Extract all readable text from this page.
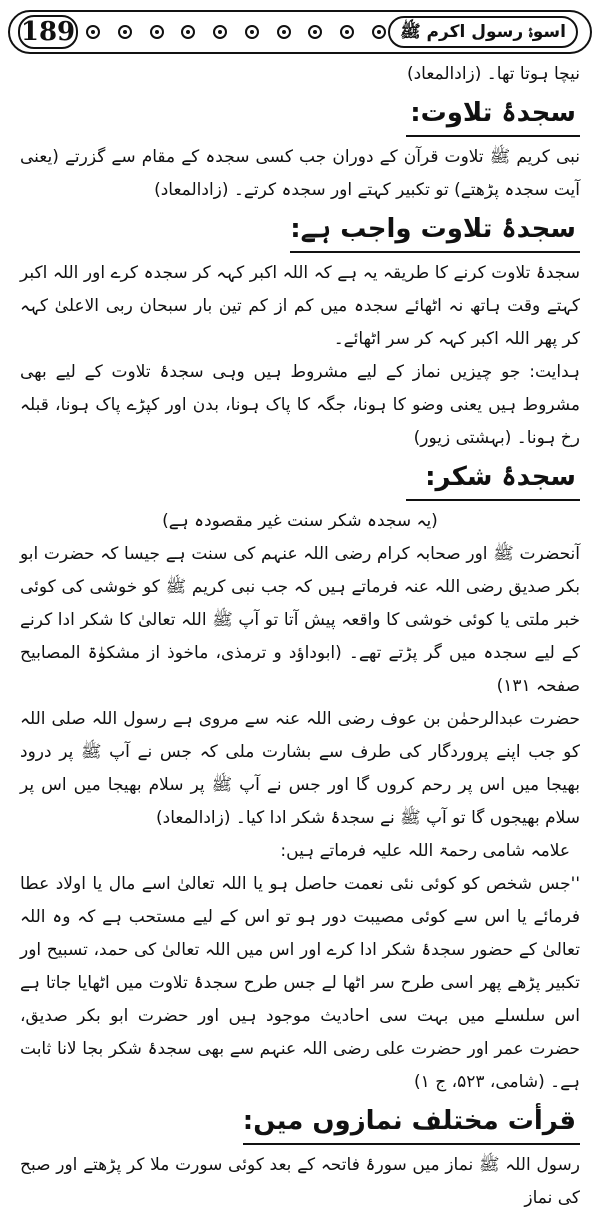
189	اسوۂ رسول اکرم ﷺ

نیچا ہوتا تھا۔ (زادالمعاد)

سجدۂ تلاوت:

نبی کریم ﷺ تلاوت قرآن کے دوران جب کسی سجدہ کے مقام سے گزرتے (یعنی آیت سجدہ پڑھتے) تو تکبیر کہتے اور سجدہ کرتے۔ (زادالمعاد)

سجدۂ تلاوت واجب ہے:

سجدۂ تلاوت کرنے کا طریقہ یہ ہے کہ اللہ اکبر کہہ کر سجدہ کرے اور اللہ اکبر کہتے وقت ہاتھ نہ اٹھائے سجدہ میں کم از کم تین بار سبحان ربی الاعلیٰ کہہ کر پھر اللہ اکبر کہہ کر سر اٹھائے۔

ہدایت: جو چیزیں نماز کے لیے مشروط ہیں وہی سجدۂ تلاوت کے لیے بھی مشروط ہیں یعنی وضو کا ہونا، جگہ کا پاک ہونا، بدن اور کپڑے پاک ہونا، قبلہ رخ ہونا۔ (بہشتی زیور)

سجدۂ شکر:

(یہ سجدہ شکر سنت غیر مقصودہ ہے)

آنحضرت ﷺ اور صحابہ کرام رضی اللہ عنہم کی سنت ہے جیسا کہ حضرت ابو بکر صدیق رضی اللہ عنہ فرماتے ہیں کہ جب نبی کریم ﷺ کو خوشی کی کوئی خبر ملتی یا کوئی خوشی کا واقعہ پیش آتا تو آپ ﷺ اللہ تعالیٰ کا شکر ادا کرنے کے لیے سجدہ میں گر پڑتے تھے۔ (ابوداؤد و ترمذی، ماخوذ از مشکوٰۃ المصابیح صفحہ ۱۳۱)

حضرت عبدالرحمٰن بن عوف رضی اللہ عنہ سے مروی ہے رسول اللہ صلی اللہ کو جب اپنے پروردگار کی طرف سے بشارت ملی کہ جس نے آپ ﷺ پر درود بھیجا میں اس پر رحم کروں گا اور جس نے آپ ﷺ پر سلام بھیجا میں اس پر سلام بھیجوں گا تو آپ ﷺ نے سجدۂ شکر ادا کیا۔ (زادالمعاد)

علامہ شامی رحمۃ اللہ علیہ فرماتے ہیں:

''جس شخص کو کوئی نئی نعمت حاصل ہو یا اللہ تعالیٰ اسے مال یا اولاد عطا فرمائے یا اس سے کوئی مصیبت دور ہو تو اس کے لیے مستحب ہے کہ وہ اللہ تعالیٰ کے حضور سجدۂ شکر ادا کرے اور اس میں اللہ تعالیٰ کی حمد، تسبیح اور تکبیر پڑھے پھر اسی طرح سر اٹھا لے جس طرح سجدۂ تلاوت میں اٹھایا جاتا ہے اس سلسلے میں بہت سی احادیث موجود ہیں اور حضرت ابو بکر صدیق، حضرت عمر اور حضرت علی رضی اللہ عنہم سے بھی سجدۂ شکر بجا لانا ثابت ہے۔ (شامی، ۵۲۳، ج ۱)

قرأت مختلف نمازوں میں:

رسول اللہ ﷺ نماز میں سورۂ فاتحہ کے بعد کوئی سورت ملا کر پڑھتے اور صبح کی نماز
